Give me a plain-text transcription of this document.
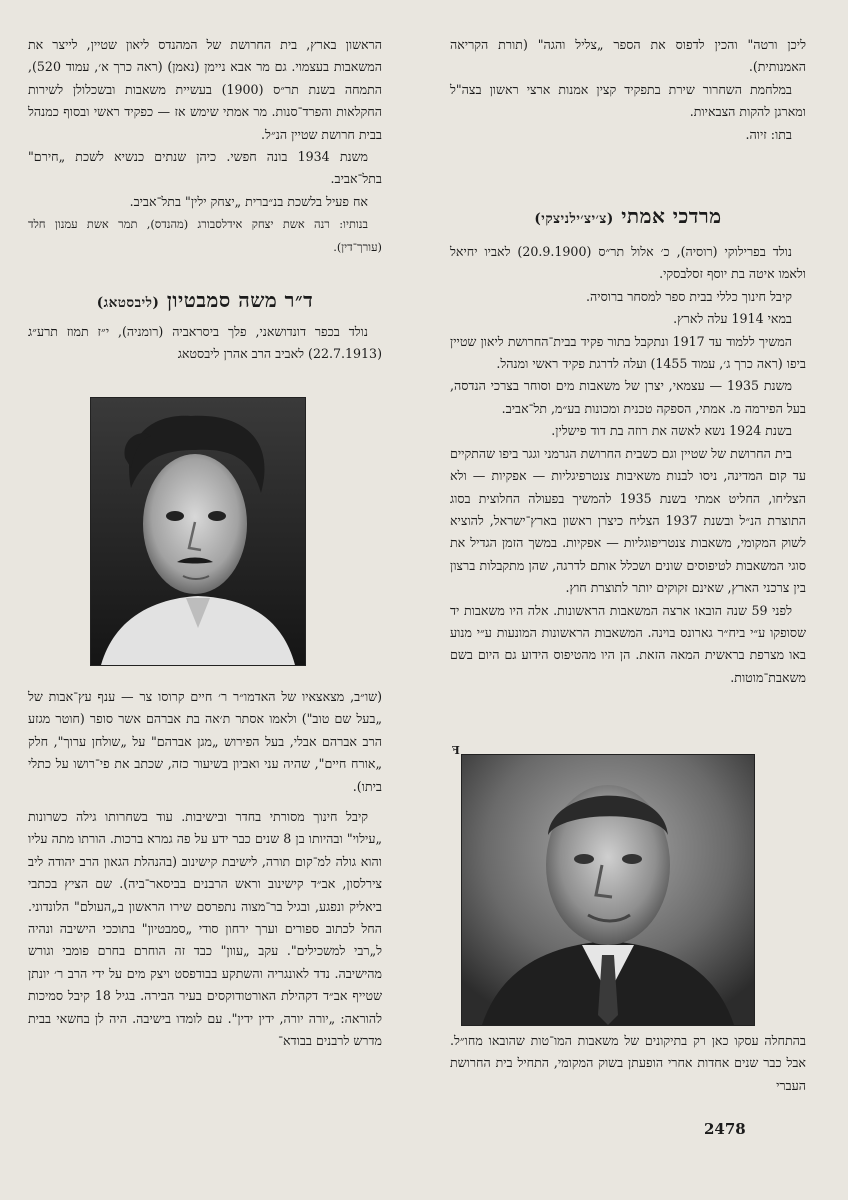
ליכן ורטה" והכין לדפוס את הספר „צליל והגה" (תורת הקריאה האמנותית).

במלחמת השחרור שירת בתפקיד קצין אמנות ארצי ראשון בצה"ל ומארגן להקות הצבאיות.

בתו: זיוה.

מרדכי אמתי (צ׳יצ׳ילניצקי)

נולד בפרילוקי (רוסיה), כ׳ אלול תר״ס (20.9.1900) לאביו יחיאל ולאמו איטה בת יוסף זסלבסקי.

קיבל חינוך כללי בבית ספר למסחר ברוסיה.

במאי 1914 עלה לארץ.

המשיך ללמוד עד 1917 ונתקבל בתור פקיד בבית־החרושת ליאון שטיין ביפו (ראה כרך ג׳, עמוד 1455) ועלה לדרגת פקיד ראשי ומנהל.

משנת 1935 — עצמאי, יצרן של משאבות מים וסוחר בצרכי הנדסה, בעל הפירמה מ. אמתי, הספקה טכנית ומכונות בע״מ, תל־אביב.

בשנת 1924 נשא לאשה את רוזה בת דוד פישלין.

בית החרושת של שטיין וגם כשבית החרושת הגרמני וגגר ביפו שהתקיים עד קום המדינה, ניסו לבנות משאיבות צנטרפיגליות — אפקיות — ולא הצליחו, החליט אמתי בשנת 1935 להמשיך בפעולה החלוצית בסוג התוצרת הנ״ל ובשנת 1937 הצליח כיצרן ראשון בארץ־ישראל, להוציא לשוק המקומי, משאבות צנטריפוגליות — אפקיות. במשך הזמן הגדיל את סוגי המשאבות לטיפוסים שונים ושכלל אותם לדרגה, שהן מתקבלות ברצון בין צרכני הארץ, שאינם זקוקים יותר לתוצרת חוץ.

לפני 59 שנה הובאו ארצה המשאבות הראשונות. אלה היו משאבות יד שסופקו ע״י ביח״ר גארונס בוינה. המשאבות הראשונות המונעות ע״י מנוע באו מצרפת בראשית המאה הזאת. הן היו מהטיפוס הידוע גם היום בשם משאבת־מוטות.

ꟻ

בהתחלה עסקו כאן רק בתיקונים של משאבות המו־טות שהובאו מחו״ל. אבל כבר שנים אחדות אחרי הופעתן בשוק המקומי, התחיל בית החרושת העברי

הראשון בארץ, בית החרושת של המהנדס ליאון שטיין, לייצר את המשאבות בעצמוי. גם מר אבא ניימן (נאמן) (ראה כרך א׳, עמוד 520), התמחה בשנת תר״ס (1900) בעשיית משאבות ובשכלולן לשירות החקלאות והפרד־סנות. מר אמתי שימש אז — כפקיד ראשי ובסוף כמנהל בבית חרושת שטיין הנ״ל.

משנת 1934 בונה חפשי. כיהן שנתים כנשיא לשכת „חירם" בתל־אביב.

אח פעיל בלשכת בנ״ברית „יצחק ילין" בתל־אביב.

בנותיו: רנה אשת יצחק אידלסבורג (מהנדס), תמר אשת עמנון חלד (עורך־דין).

ד״ר משה סמבטיון (ליבסטאג)

נולד בכפר דונדושאני, פלך ביסראביה (רומניה), י״ז תמוז תרע״ג (22.7.1913) לאביב הרב אהרן ליבסטאג

(שו״ב, מצאצאיו של האדמו״ר ר׳ חיים קרוסו צר — ענף עץ־אבות של „בעל שם טוב") ולאמו אסתר ת׳אה בת אברהם אשר סופר (חוטר מגזע הרב אברהם אבלי, בעל הפירוש „מגן אברהם" על „שולחן ערוך", חלק „אורח חיים", שהיה עני ואביון בשיעור כזה, שכתב את פי־רושו על כתלי ביתו).

קיבל חינוך מסורתי בחדר ובישיבות. עוד בשחרותו גילה כשרונות „עילוי" ובהיותו בן 8 שנים כבר ידע על פה גמרא ברכות. הורתו מתה עליו והוא גולה למ־קום תורה, לישיבת קישינוב (בהנהלת הגאון הרב יהודה ליב צירלסון, אב״ד קישינוב וראש הרבנים בביסאר־ביה). שם הציץ בכתבי ביאליק ונפגע, ובגיל בר־מצוה נתפרסם שירו הראשון ב„העולם" הלונדוני. החל לכתוב ספורים וערך ירחון סודי „סמבטיון" בתוככי הישיבה ונהיה ל„רבי למשכילים". עקב „עוון" כבד זה הוחרם בחרם פומבי וגורש מהישיבה. נדד לאונגריה והשתקע בבודפסט ויצק מים על ידי הרב ר׳ יונתן שטייף אב״ד דקהילת האורטודוקסים בעיר הבירה. בגיל 18 קיבל סמיכות להוראה: „יורה יורה, ידין ידין". עם לומדו בישיבה. היה לן בחשאי בבית מדרש לרבנים בבודא־

2478
